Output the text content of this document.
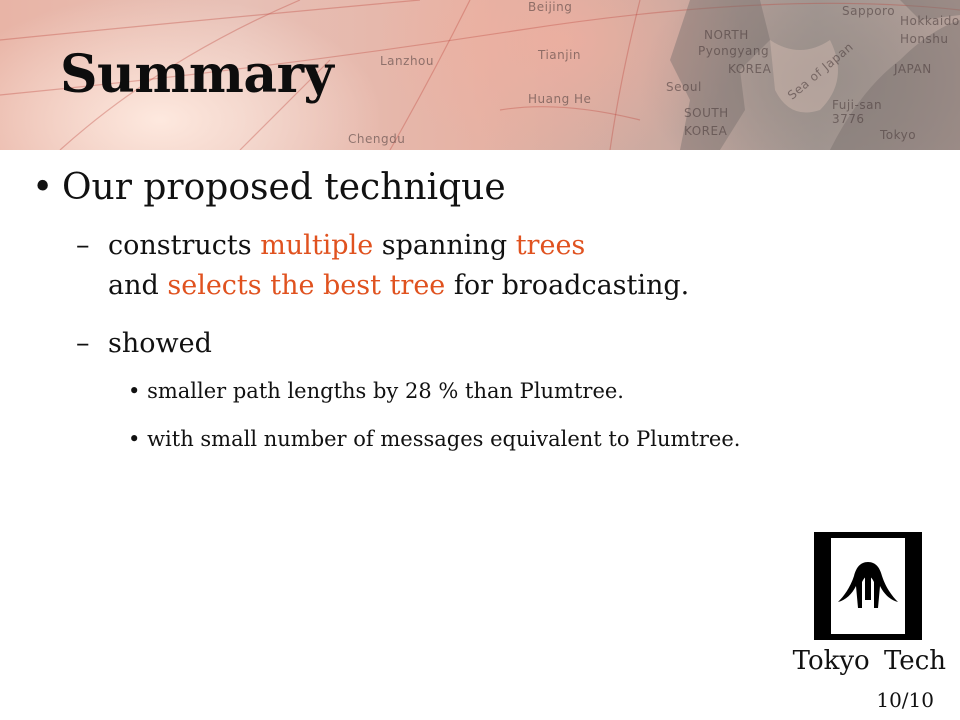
Beijing
Tianjin
Lanzhou
Huang He
NORTH
Pyongyang
KOREA
Seoul
SOUTH
KOREA
Sea of Japan
Sapporo
Hokkaido
Honshu
JAPAN
Fuji-san
3776
Tokyo
Chengdu
Summary
• Our proposed technique
– constructs multiple spanning trees
and selects the best tree for broadcasting.
– showed
• smaller path lengths by 28 % than Plumtree.
• with small number of messages equivalent to Plumtree.
Tokyo Tech
10/10
